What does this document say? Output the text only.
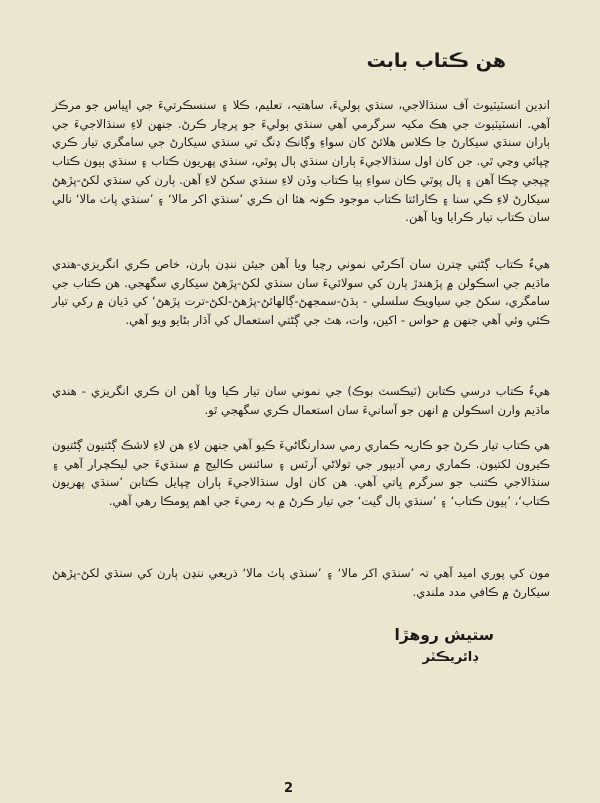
هن ڪتاب بابت

انڊين انسٽيٽيوٽ آف سنڌالاجي، سنڌي ٻوليءَ، ساهتيہ، تعليم، ڪلا ۽ سنسڪرتيءَ جي اڀياس جو مرڪز آهي. انسٽيٽيوٽ جي هڪ مکيہ سرگرمي آهي سنڌي ٻوليءَ جو پرچار ڪرڻ. جنهن لاءِ سنڌالاجيءَ جي ٻاران سنڌي سيکارڻ جا ڪلاس هلائڻ کان سواءِ وڳانڪ ڍنگ تي سنڌي سيکارڻ جي سامگري تيار ڪري ڇپائي وڃي ٿي. جن کان اول سنڌالاجيءَ ٻاران سنڌي ٻال پوٿي، سنڌي پهريون ڪتاب ۽ سنڌي ٻيون ڪتاب ڇپجي چڪا آهن ۽ ٻال پوٿي ڪان سواءِ ٻيا ڪتاب وڏن لاءِ سنڌي سکڻ لاءِ آهن. ٻارن کي سنڌي لکڻ-پڙهڻ سيکارڻ لاءِ ڪي سنا ۽ ڪارائتا ڪتاب موجود ڪونہ هئا ان ڪري ’سنڌي اکر مالا‘ ۽ ’سنڌي پاٺ مالا‘ نالي سان ڪتاب تيار ڪرايا ويا آهن.

هيءُ ڪتاب ڳڻتي چترن سان آڪرڻي نموني رچيا ويا آهن جيئن ننڍن ٻارن، خاص ڪري انگريزي-هندي ماڌيم جي اسڪولن ۾ پڙهندڙ ٻارن کي سولائيءَ سان سنڌي لکڻ-پڙهڻ سيکاري سگهجي. هن ڪتاب جي سامگري، سکڻ جي سياويڪ سلسلي - ٻڌڻ-سمجهڻ-ڳالهائڻ-پڙهڻ-لکڻ-ترت پڙهڻ‘ کي ڌيان ۾ رکي تيار ڪئي وئي آهي جنهن ۾ حواس - اکين، وات، هٿ جي ڳڻتي استعمال کي آڌار بڻايو ويو آهي.

هيءُ ڪتاب درسي ڪتابن (ٽيڪسٽ بوڪ) جي نموني سان تيار ڪيا ويا آهن ان ڪري انگريزي - هندي ماڌيم وارن اسڪولن ۾ انهن جو آسانيءَ سان استعمال ڪري سگهجي ٿو.

هي ڪتاب تيار ڪرڻ جو ڪاريہ ڪماري رمي سدارنگاڻيءَ ڪيو آهي جنهن لاءِ هن لاءِ لاشڪ ڳڻتيون ڳڻتيون ڪيرون لکتيون. ڪماري رمي آديپور جي تولاڻي آرٽس ۽ سائنس ڪاليج ۾ سنڌيءَ جي ليڪچرار آهي ۽ سنڌالاجي ڪتنب جو سرگرم ڀاتي آهي. هن کان اول سنڌالاجيءَ ٻاران ڇپايل ڪتابن ’سنڌي پهريون ڪتاب‘، ’ٻيون ڪتاب‘ ۽ ’سنڌي ٻال گيت‘ جي تيار ڪرڻ ۾ بہ رميءَ جي اهم ڀومڪا رهي آهي.

مون کي پوري اميد آهي تہ ’سنڌي اکر مالا‘ ۽ ’سنڌي پاٺ مالا‘ ذريعي ننڍن ٻارن کي سنڌي لکڻ-پڙهڻ سيکارڻ ۾ ڪافي مدد ملندي.

ستيش روهڙا
ڊائريڪٽر
2
